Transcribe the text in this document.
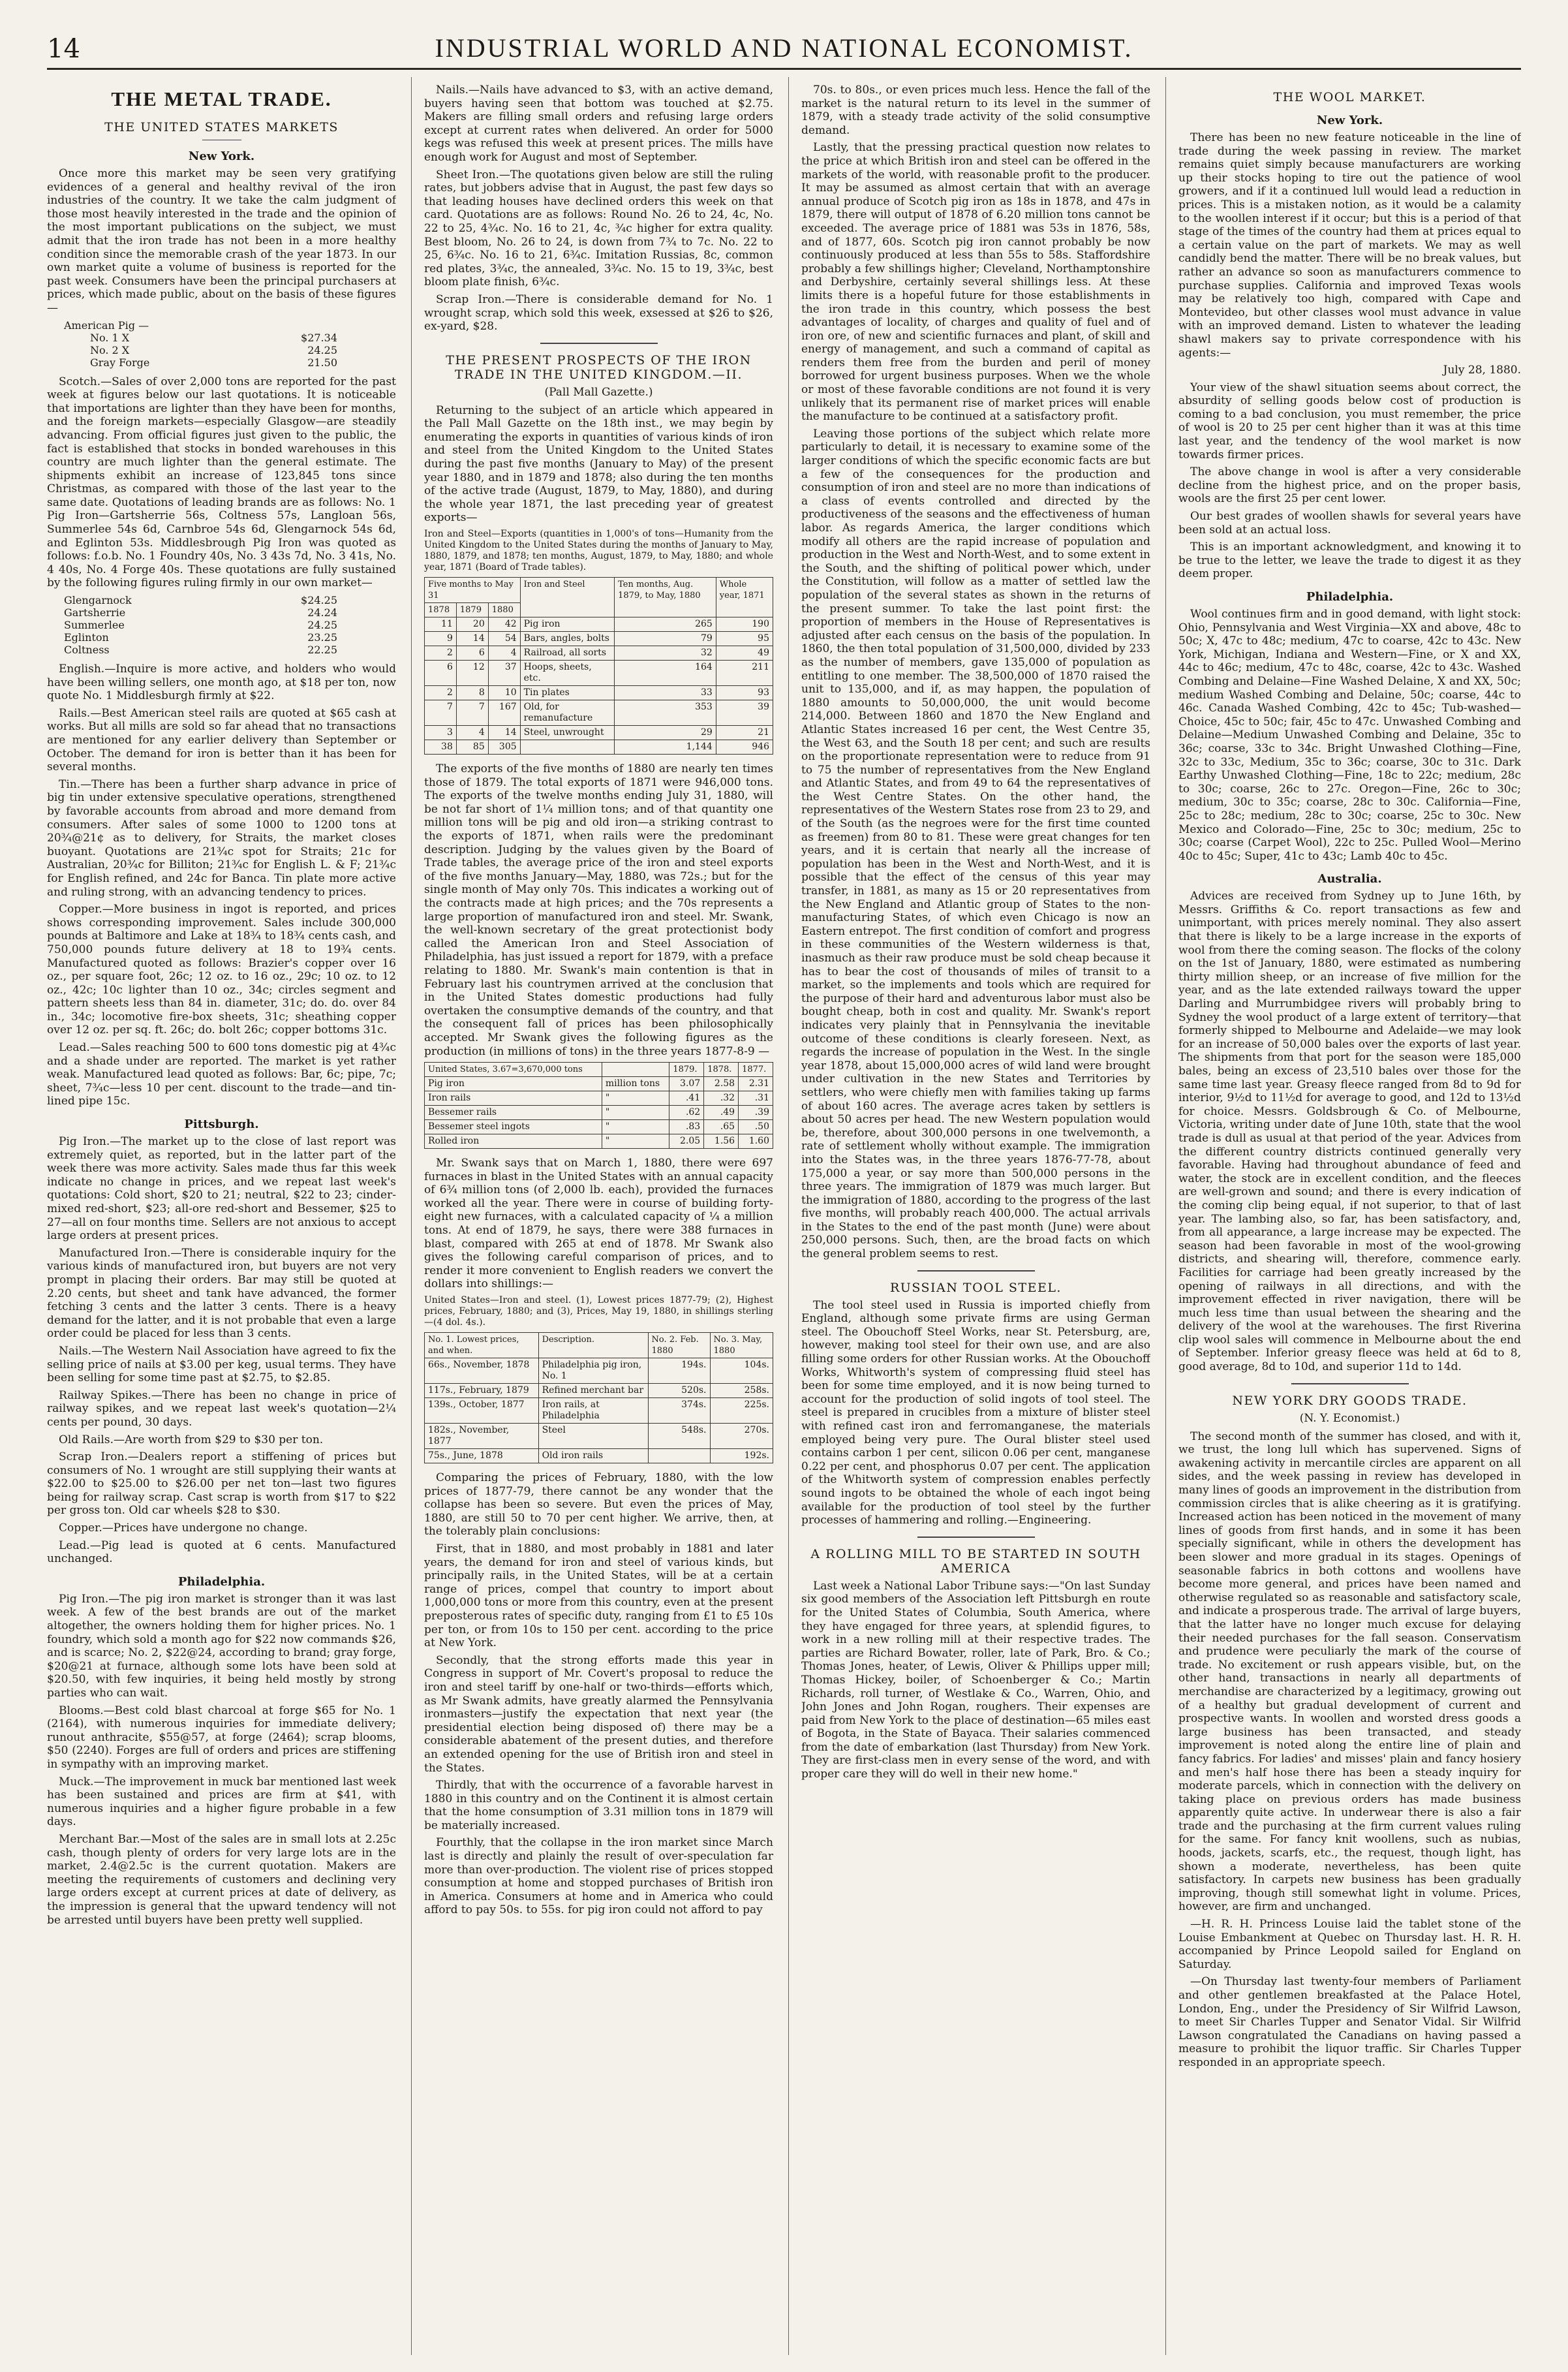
14	INDUSTRIAL WORLD AND NATIONAL ECONOMIST.
THE METAL TRADE.
THE UNITED STATES MARKETS
New York.

Once more this market may be seen very gratifying evidences of a general and healthy revival of the iron industries of the country. It we take the calm judgment of those most heavily interested in the trade and the opinion of the most important publications on the subject, we must admit that the iron trade has not been in a more healthy condition since the memorable crash of the year 1873. In our own market quite a volume of business is reported for the past week. Consumers have been the principal purchasers at prices, which made public, about on the basis of these figures—

American Pig —
No. 1 X	$27.34
No. 2 X	24.25
Gray Forge	21.50

Scotch.—Sales of over 2,000 tons are reported for the past week at figures below our last quotations. It is noticeable that importations are lighter than they have been for months, and the foreign markets—especially Glasgow—are steadily advancing. From official figures just given to the public, the fact is established that stocks in bonded warehouses in this country are much lighter than the general estimate. The shipments exhibit an increase of 123,845 tons since Christmas, as compared with those of the last year to the same date. Quotations of leading brands are as follows: No. 1 Pig Iron—Gartsherrie 56s, Coltness 57s, Langloan 56s, Summerlee 54s 6d, Carnbroe 54s 6d, Glengarnock 54s 6d, and Eglinton 53s. Middlesbrough Pig Iron was quoted as follows: f.o.b. No. 1 Foundry 40s, No. 3 43s 7d, No. 3 41s, No. 4 40s, No. 4 Forge 40s. These quotations are fully sustained by the following figures ruling firmly in our own market—

Glengarnock	$24.25
Gartsherrie	24.24
Summerlee	24.25
Eglinton	23.25
Coltness	22.25

English.—Inquire is more active, and holders who would have been willing sellers, one month ago, at $18 per ton, now quote No. 1 Middlesburgh firmly at $22.

Rails.—Best American steel rails are quoted at $65 cash at works. But all mills are sold so far ahead that no transactions are mentioned for any earlier delivery than September or October. The demand for iron is better than it has been for several months.

Tin.—There has been a further sharp advance in price of big tin under extensive speculative operations, strengthened by favorable accounts from abroad and more demand from consumers. After sales of some 1000 to 1200 tons at 20¾@21¢ as to delivery, for Straits, the market closes buoyant. Quotations are 21¾c spot for Straits; 21c for Australian, 20¾c for Billiton; 21¾c for English L. & F; 21¾c for English refined, and 24c for Banca. Tin plate more active and ruling strong, with an advancing tendency to prices.

Copper.—More business in ingot is reported, and prices shows corresponding improvement. Sales include 300,000 pounds at Baltimore and Lake at 18¾ to 18¾ cents cash, and 750,000 pounds future delivery at 18 to 19¾ cents. Manufactured quoted as follows: Brazier's copper over 16 oz., per square foot, 26c; 12 oz. to 16 oz., 29c; 10 oz. to 12 oz., 42c; 10c lighter than 10 oz., 34c; circles segment and pattern sheets less than 84 in. diameter, 31c; do. do. over 84 in., 34c; locomotive fire-box sheets, 31c; sheathing copper over 12 oz. per sq. ft. 26c; do. bolt 26c; copper bottoms 31c.

Lead.—Sales reaching 500 to 600 tons domestic pig at 4¾c and a shade under are reported. The market is yet rather weak. Manufactured lead quoted as follows: Bar, 6c; pipe, 7c; sheet, 7¾c—less 10 per cent. discount to the trade—and tin-lined pipe 15c.

Pittsburgh.

Pig Iron.—The market up to the close of last report was extremely quiet, as reported, but in the latter part of the week there was more activity. Sales made thus far this week indicate no change in prices, and we repeat last week's quotations: Cold short, $20 to 21; neutral, $22 to 23; cinder-mixed red-short, $23; all-ore red-short and Bessemer, $25 to 27—all on four months time. Sellers are not anxious to accept large orders at present prices.

Manufactured Iron.—There is considerable inquiry for the various kinds of manufactured iron, but buyers are not very prompt in placing their orders. Bar may still be quoted at 2.20 cents, but sheet and tank have advanced, the former fetching 3 cents and the latter 3 cents. There is a heavy demand for the latter, and it is not probable that even a large order could be placed for less than 3 cents.

Nails.—The Western Nail Association have agreed to fix the selling price of nails at $3.00 per keg, usual terms. They have been selling for some time past at $2.75, to $2.85.

Railway Spikes.—There has been no change in price of railway spikes, and we repeat last week's quotation—2¼ cents per pound, 30 days.

Old Rails.—Are worth from $29 to $30 per ton.

Scrap Iron.—Dealers report a stiffening of prices but consumers of No. 1 wrought are still supplying their wants at $22.00 to $25.00 to $26.00 per net ton—last two figures being for railway scrap. Cast scrap is worth from $17 to $22 per gross ton. Old car wheels $28 to $30.

Copper.—Prices have undergone no change.

Lead.—Pig lead is quoted at 6 cents. Manufactured unchanged.

Philadelphia.

Pig Iron.—The pig iron market is stronger than it was last week. A few of the best brands are out of the market altogether, the owners holding them for higher prices. No. 1 foundry, which sold a month ago for $22 now commands $26, and is scarce; No. 2, $22@24, according to brand; gray forge, $20@21 at furnace, although some lots have been sold at $20.50, with few inquiries, it being held mostly by strong parties who can wait.

Blooms.—Best cold blast charcoal at forge $65 for No. 1 (2164), with numerous inquiries for immediate delivery; runout anthracite, $55@57, at forge (2464); scrap blooms, $50 (2240). Forges are full of orders and prices are stiffening in sympathy with an improving market.

Muck.—The improvement in muck bar mentioned last week has been sustained and prices are firm at $41, with numerous inquiries and a higher figure probable in a few days.

Merchant Bar.—Most of the sales are in small lots at 2.25c cash, though plenty of orders for very large lots are in the market, 2.4@2.5c is the current quotation. Makers are meeting the requirements of customers and declining very large orders except at current prices at date of delivery, as the impression is general that the upward tendency will not be arrested until buyers have been pretty well supplied.

Nails.—Nails have advanced to $3, with an active demand, buyers having seen that bottom was touched at $2.75. Makers are filling small orders and refusing large orders except at current rates when delivered. An order for 5000 kegs was refused this week at present prices. The mills have enough work for August and most of September.

Sheet Iron.—The quotations given below are still the ruling rates, but jobbers advise that in August, the past few days so that leading houses have declined orders this week on that card. Quotations are as follows: Round No. 26 to 24, 4c, No. 22 to 25, 4¾c. No. 16 to 21, 4c, ¾c higher for extra quality. Best bloom, No. 26 to 24, is down from 7¾ to 7c. No. 22 to 25, 6¾c. No. 16 to 21, 6¾c. Imitation Russias, 8c, common red plates, 3¾c, the annealed, 3¾c. No. 15 to 19, 3¾c, best bloom plate finish, 6¾c.

Scrap Iron.—There is considerable demand for No. 1 wrought scrap, which sold this week, exsessed at $26 to $26, ex-yard, $28.

THE PRESENT PROSPECTS OF THE IRON TRADE IN THE UNITED KINGDOM.—II.
(Pall Mall Gazette.)

Returning to the subject of an article which appeared in the Pall Mall Gazette on the 18th inst., we may begin by enumerating the exports in quantities of various kinds of iron and steel from the United Kingdom to the United States during the past five months (January to May) of the present year 1880, and in 1879 and 1878; also during the ten months of the active trade (August, 1879, to May, 1880), and during the whole year 1871, the last preceding year of greatest exports—

Iron and Steel—Exports (quantities in 1,000's of tons—Humanity from the United Kingdom to the United States during the months of January to May, 1880, 1879, and 1878; ten months, August, 1879, to May, 1880; and whole year, 1871 (Board of Trade tables).

Five months to May 31			Iron and Steel	Ten months, Aug. 1879, to May, 1880	Whole year, 1871
1878	1879	1880			
11	20	42	Pig iron	265	190
9	14	54	Bars, angles, bolts	79	95
2	6	4	Railroad, all sorts	32	49
6	12	37	Hoops, sheets, etc.	164	211
2	8	10	Tin plates	33	93
7	7	167	Old, for remanufacture	353	39
3	4	14	Steel, unwrought	29	21
38	85	305		1,144	946

The exports of the five months of 1880 are nearly ten times those of 1879. The total exports of 1871 were 946,000 tons. The exports of the twelve months ending July 31, 1880, will be not far short of 1¼ million tons; and of that quantity one million tons will be pig and old iron—a striking contrast to the exports of 1871, when rails were the predominant description. Judging by the values given by the Board of Trade tables, the average price of the iron and steel exports of the five months January—May, 1880, was 72s.; but for the single month of May only 70s. This indicates a working out of the contracts made at high prices; and the 70s represents a large proportion of manufactured iron and steel. Mr. Swank, the well-known secretary of the great protectionist body called the American Iron and Steel Association of Philadelphia, has just issued a report for 1879, with a preface relating to 1880. Mr. Swank's main contention is that in February last his countrymen arrived at the conclusion that in the United States domestic productions had fully overtaken the consumptive demands of the country, and that the consequent fall of prices has been philosophically accepted. Mr Swank gives the following figures as the production (in millions of tons) in the three years 1877-8-9 —

United States, 3.67=3,670,000 tons		1879.	1878.	1877.
Pig iron	million tons	3.07	2.58	2.31
Iron rails	"	.41	.32	.31
Bessemer rails	"	.62	.49	.39
Bessemer steel ingots	"	.83	.65	.50
Rolled iron	"	2.05	1.56	1.60

Mr. Swank says that on March 1, 1880, there were 697 furnaces in blast in the United States with an annual capacity of 6¾ million tons (of 2,000 lb. each), provided the furnaces worked all the year. There were in course of building forty-eight new furnaces, with a calculated capacity of ¼ a million tons. At end of 1879, he says, there were 388 furnaces in blast, compared with 265 at end of 1878. Mr Swank also gives the following careful comparison of prices, and to render it more convenient to English readers we convert the dollars into shillings:—

United States—Iron and steel. (1), Lowest prices 1877-79; (2), Highest prices, February, 1880; and (3), Prices, May 19, 1880, in shillings sterling—(4 dol. 4s.).

No. 1. Lowest prices, and when.	Description.	No. 2. Feb. 1880	No. 3. May, 1880
66s., November, 1878	Philadelphia pig iron, No. 1	194s.	104s.
117s., February, 1879	Refined merchant bar	520s.	258s.
139s., October, 1877	Iron rails, at Philadelphia	374s.	225s.
182s., November, 1877	Steel	548s.	270s.
75s., June, 1878	Old iron rails		192s.

Comparing the prices of February, 1880, with the low prices of 1877-79, there cannot be any wonder that the collapse has been so severe. But even the prices of May, 1880, are still 50 to 70 per cent higher. We arrive, then, at the tolerably plain conclusions:

First, that in 1880, and most probably in 1881 and later years, the demand for iron and steel of various kinds, but principally rails, in the United States, will be at a certain range of prices, compel that country to import about 1,000,000 tons or more from this country, even at the present preposterous rates of specific duty, ranging from £1 to £5 10s per ton, or from 10s to 150 per cent. according to the price at New York.

Secondly, that the strong efforts made this year in Congress in support of Mr. Covert's proposal to reduce the iron and steel tariff by one-half or two-thirds—efforts which, as Mr Swank admits, have greatly alarmed the Pennsylvania ironmasters—justify the expectation that next year (the presidential election being disposed of) there may be a considerable abatement of the present duties, and therefore an extended opening for the use of British iron and steel in the States.

Thirdly, that with the occurrence of a favorable harvest in 1880 in this country and on the Continent it is almost certain that the home consumption of 3.31 million tons in 1879 will be materially increased.

Fourthly, that the collapse in the iron market since March last is directly and plainly the result of over-speculation far more than over-production. The violent rise of prices stopped consumption at home and stopped purchases of British iron in America. Consumers at home and in America who could afford to pay 50s. to 55s. for pig iron could not afford to pay

70s. to 80s., or even prices much less. Hence the fall of the market is the natural return to its level in the summer of 1879, with a steady trade activity of the solid consumptive demand.

Lastly, that the pressing practical question now relates to the price at which British iron and steel can be offered in the markets of the world, with reasonable profit to the producer. It may be assumed as almost certain that with an average annual produce of Scotch pig iron as 18s in 1878, and 47s in 1879, there will output of 1878 of 6.20 million tons cannot be exceeded. The average price of 1881 was 53s in 1876, 58s, and of 1877, 60s. Scotch pig iron cannot probably be now continuously produced at less than 55s to 58s. Staffordshire probably a few shillings higher; Cleveland, Northamptonshire and Derbyshire, certainly several shillings less. At these limits there is a hopeful future for those establishments in the iron trade in this country, which possess the best advantages of locality, of charges and quality of fuel and of iron ore, of new and scientific furnaces and plant, of skill and energy of management, and such a command of capital as renders them free from the burden and peril of money borrowed for urgent business purposes. When we the whole or most of these favorable conditions are not found it is very unlikely that its permanent rise of market prices will enable the manufacture to be continued at a satisfactory profit.

Leaving those portions of the subject which relate more particularly to detail, it is necessary to examine some of the larger conditions of which the specific economic facts are but a few of the consequences for the production and consumption of iron and steel are no more than indications of a class of events controlled and directed by the productiveness of the seasons and the effectiveness of human labor. As regards America, the larger conditions which modify all others are the rapid increase of population and production in the West and North-West, and to some extent in the South, and the shifting of political power which, under the Constitution, will follow as a matter of settled law the population of the several states as shown in the returns of the present summer. To take the last point first: the proportion of members in the House of Representatives is adjusted after each census on the basis of the population. In 1860, the then total population of 31,500,000, divided by 233 as the number of members, gave 135,000 of population as entitling to one member. The 38,500,000 of 1870 raised the unit to 135,000, and if, as may happen, the population of 1880 amounts to 50,000,000, the unit would become 214,000. Between 1860 and 1870 the New England and Atlantic States increased 16 per cent, the West Centre 35, the West 63, and the South 18 per cent; and such are results on the proportionate representation were to reduce from 91 to 75 the number of representatives from the New England and Atlantic States, and from 49 to 64 the representatives of the West Centre States. On the other hand, the representatives of the Western States rose from 23 to 29, and of the South (as the negroes were for the first time counted as freemen) from 80 to 81. These were great changes for ten years, and it is certain that nearly all the increase of population has been in the West and North-West, and it is possible that the effect of the census of this year may transfer, in 1881, as many as 15 or 20 representatives from the New England and Atlantic group of States to the non-manufacturing States, of which even Chicago is now an Eastern entrepot. The first condition of comfort and progress in these communities of the Western wilderness is that, inasmuch as their raw produce must be sold cheap because it has to bear the cost of thousands of miles of transit to a market, so the implements and tools which are required for the purpose of their hard and adventurous labor must also be bought cheap, both in cost and quality. Mr. Swank's report indicates very plainly that in Pennsylvania the inevitable outcome of these conditions is clearly foreseen. Next, as regards the increase of population in the West. In the single year 1878, about 15,000,000 acres of wild land were brought under cultivation in the new States and Territories by settlers, who were chiefly men with families taking up farms of about 160 acres. The average acres taken by settlers is about 50 acres per head. The new Western population would be, therefore, about 300,000 persons in one twelvemonth, a rate of settlement wholly without example. The immigration into the States was, in the three years 1876-77-78, about 175,000 a year, or say more than 500,000 persons in the three years. The immigration of 1879 was much larger. But the immigration of 1880, according to the progress of the last five months, will probably reach 400,000. The actual arrivals in the States to the end of the past month (June) were about 250,000 persons. Such, then, are the broad facts on which the general problem seems to rest.

RUSSIAN TOOL STEEL.

The tool steel used in Russia is imported chiefly from England, although some private firms are using German steel. The Obouchoff Steel Works, near St. Petersburg, are, however, making tool steel for their own use, and are also filling some orders for other Russian works. At the Obouchoff Works, Whitworth's system of compressing fluid steel has been for some time employed, and it is now being turned to account for the production of solid ingots of tool steel. The steel is prepared in crucibles from a mixture of blister steel with refined cast iron and ferromanganese, the materials employed being very pure. The Oural blister steel used contains carbon 1 per cent, silicon 0.06 per cent, manganese 0.22 per cent, and phosphorus 0.07 per cent. The application of the Whitworth system of compression enables perfectly sound ingots to be obtained the whole of each ingot being available for the production of tool steel by the further processes of hammering and rolling.—Engineering.

A ROLLING MILL TO BE STARTED IN SOUTH AMERICA

Last week a National Labor Tribune says:—"On last Sunday six good members of the Association left Pittsburgh en route for the United States of Columbia, South America, where they have engaged for three years, at splendid figures, to work in a new rolling mill at their respective trades. The parties are Richard Bowater, roller, late of Park, Bro. & Co.; Thomas Jones, heater, of Lewis, Oliver & Phillips upper mill; Thomas Hickey, boiler, of Schoenberger & Co.; Martin Richards, roll turner, of Westlake & Co., Warren, Ohio, and John Jones and John Rogan, roughers. Their expenses are paid from New York to the place of destination—65 miles east of Bogota, in the State of Bayaca. Their salaries commenced from the date of embarkation (last Thursday) from New York. They are first-class men in every sense of the word, and with proper care they will do well in their new home."

THE WOOL MARKET.
New York.

There has been no new feature noticeable in the line of trade during the week passing in review. The market remains quiet simply because manufacturers are working up their stocks hoping to tire out the patience of wool growers, and if it a continued lull would lead a reduction in prices. This is a mistaken notion, as it would be a calamity to the woollen interest if it occur; but this is a period of that stage of the times of the country had them at prices equal to a certain value on the part of markets. We may as well candidly bend the matter. There will be no break values, but rather an advance so soon as manufacturers commence to purchase supplies. California and improved Texas wools may be relatively too high, compared with Cape and Montevideo, but other classes wool must advance in value with an improved demand. Listen to whatever the leading shawl makers say to private correspondence with his agents:—

July 28, 1880.

Your view of the shawl situation seems about correct, the absurdity of selling goods below cost of production is coming to a bad conclusion, you must remember, the price of wool is 20 to 25 per cent higher than it was at this time last year, and the tendency of the wool market is now towards firmer prices.

The above change in wool is after a very considerable decline from the highest price, and on the proper basis, wools are the first 25 per cent lower.

Our best grades of woollen shawls for several years have been sold at an actual loss.

This is an important acknowledgment, and knowing it to be true to the letter, we leave the trade to digest it as they deem proper.

Philadelphia.

Wool continues firm and in good demand, with light stock: Ohio, Pennsylvania and West Virginia—XX and above, 48c to 50c; X, 47c to 48c; medium, 47c to coarse, 42c to 43c. New York, Michigan, Indiana and Western—Fine, or X and XX, 44c to 46c; medium, 47c to 48c, coarse, 42c to 43c. Washed Combing and Delaine—Fine Washed Delaine, X and XX, 50c; medium Washed Combing and Delaine, 50c; coarse, 44c to 46c. Canada Washed Combing, 42c to 45c; Tub-washed—Choice, 45c to 50c; fair, 45c to 47c. Unwashed Combing and Delaine—Medium Unwashed Combing and Delaine, 35c to 36c; coarse, 33c to 34c. Bright Unwashed Clothing—Fine, 32c to 33c, Medium, 35c to 36c; coarse, 30c to 31c. Dark Earthy Unwashed Clothing—Fine, 18c to 22c; medium, 28c to 30c; coarse, 26c to 27c. Oregon—Fine, 26c to 30c; medium, 30c to 35c; coarse, 28c to 30c. California—Fine, 25c to 28c; medium, 28c to 30c; coarse, 25c to 30c. New Mexico and Colorado—Fine, 25c to 30c; medium, 25c to 30c; coarse (Carpet Wool), 22c to 25c. Pulled Wool—Merino 40c to 45c; Super, 41c to 43c; Lamb 40c to 45c.

Australia.

Advices are received from Sydney up to June 16th, by Messrs. Griffiths & Co. report transactions as few and unimportant, with prices merely nominal. They also assert that there is likely to be a large increase in the exports of wool from there the coming season. The flocks of the colony on the 1st of January, 1880, were estimated as numbering thirty million sheep, or an increase of five million for the year, and as the late extended railways toward the upper Darling and Murrumbidgee rivers will probably bring to Sydney the wool product of a large extent of territory—that formerly shipped to Melbourne and Adelaide—we may look for an increase of 50,000 bales over the exports of last year. The shipments from that port for the season were 185,000 bales, being an excess of 23,510 bales over those for the same time last year. Greasy fleece ranged from 8d to 9d for interior, 9½d to 11½d for average to good, and 12d to 13½d for choice. Messrs. Goldsbrough & Co. of Melbourne, Victoria, writing under date of June 10th, state that the wool trade is dull as usual at that period of the year. Advices from the different country districts continued generally very favorable. Having had throughout abundance of feed and water, the stock are in excellent condition, and the fleeces are well-grown and sound; and there is every indication of the coming clip being equal, if not superior, to that of last year. The lambing also, so far, has been satisfactory, and, from all appearance, a large increase may be expected. The season had been favorable in most of the wool-growing districts, and shearing will, therefore, commence early. Facilities for carriage had been greatly increased by the opening of railways in all directions, and with the improvement effected in river navigation, there will be much less time than usual between the shearing and the delivery of the wool at the warehouses. The first Riverina clip wool sales will commence in Melbourne about the end of September. Inferior greasy fleece was held at 6d to 8, good average, 8d to 10d, and superior 11d to 14d.

NEW YORK DRY GOODS TRADE.
(N. Y. Economist.)

The second month of the summer has closed, and with it, we trust, the long lull which has supervened. Signs of awakening activity in mercantile circles are apparent on all sides, and the week passing in review has developed in many lines of goods an improvement in the distribution from commission circles that is alike cheering as it is gratifying. Increased action has been noticed in the movement of many lines of goods from first hands, and in some it has been specially significant, while in others the development has been slower and more gradual in its stages. Openings of seasonable fabrics in both cottons and woollens have become more general, and prices have been named and otherwise regulated so as reasonable and satisfactory scale, and indicate a prosperous trade. The arrival of large buyers, that the latter have no longer much excuse for delaying their needed purchases for the fall season. Conservatism and prudence were peculiarly the mark of the course of trade. No excitement or rush appears visible, but, on the other hand, transactions in nearly all departments of merchandise are characterized by a legitimacy, growing out of a healthy but gradual development of current and prospective wants. In woollen and worsted dress goods a large business has been transacted, and steady improvement is noted along the entire line of plain and fancy fabrics. For ladies' and misses' plain and fancy hosiery and men's half hose there has been a steady inquiry for moderate parcels, which in connection with the delivery on taking place on previous orders has made business apparently quite active. In underwear there is also a fair trade and the purchasing at the firm current values ruling for the same. For fancy knit woollens, such as nubias, hoods, jackets, scarfs, etc., the request, though light, has shown a moderate, nevertheless, has been quite satisfactory. In carpets new business has been gradually improving, though still somewhat light in volume. Prices, however, are firm and unchanged.

—H. R. H. Princess Louise laid the tablet stone of the Louise Embankment at Quebec on Thursday last. H. R. H. accompanied by Prince Leopold sailed for England on Saturday.

—On Thursday last twenty-four members of Parliament and other gentlemen breakfasted at the Palace Hotel, London, Eng., under the Presidency of Sir Wilfrid Lawson, to meet Sir Charles Tupper and Senator Vidal. Sir Wilfrid Lawson congratulated the Canadians on having passed a measure to prohibit the liquor traffic. Sir Charles Tupper responded in an appropriate speech.
